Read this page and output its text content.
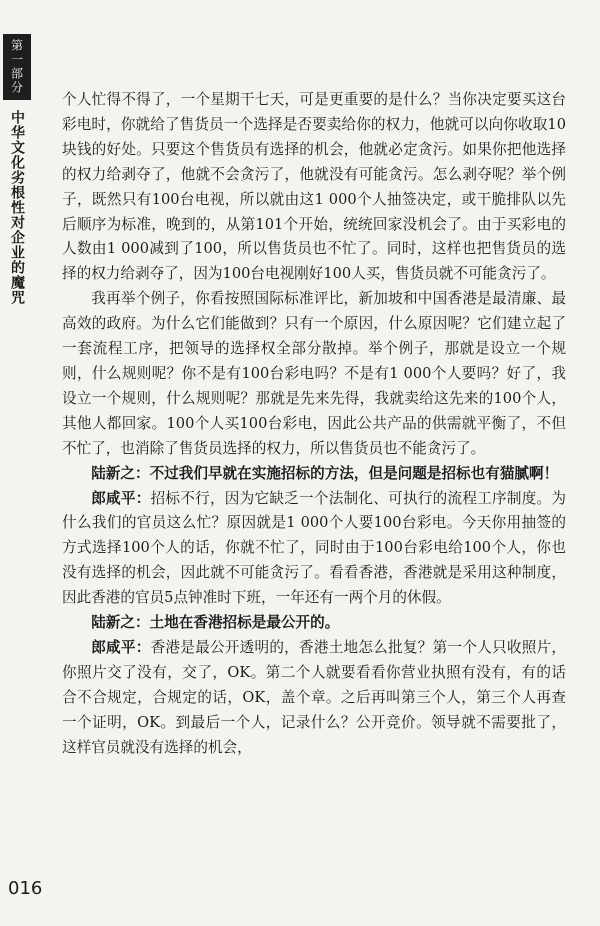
第一部分
中华文化劣根性对企业的魔咒

个人忙得不得了，一个星期干七天，可是更重要的是什么？当你决定要买这台彩电时，你就给了售货员一个选择是否要卖给你的权力，他就可以向你收取10块钱的好处。只要这个售货员有选择的机会，他就必定贪污。如果你把他选择的权力给剥夺了，他就不会贪污了，他就没有可能贪污。怎么剥夺呢？举个例子，既然只有100台电视，所以就由这1 000个人抽签决定，或干脆排队以先后顺序为标准，晚到的，从第101个开始，统统回家没机会了。由于买彩电的人数由1 000减到了100，所以售货员也不忙了。同时，这样也把售货员的选择的权力给剥夺了，因为100台电视刚好100人买，售货员就不可能贪污了。

我再举个例子，你看按照国际标准评比，新加坡和中国香港是最清廉、最高效的政府。为什么它们能做到？只有一个原因，什么原因呢？它们建立起了一套流程工序，把领导的选择权全部分散掉。举个例子，那就是设立一个规则，什么规则呢？你不是有100台彩电吗？不是有1 000个人要吗？好了，我设立一个规则，什么规则呢？那就是先来先得，我就卖给这先来的100个人，其他人都回家。100个人买100台彩电，因此公共产品的供需就平衡了，不但不忙了，也消除了售货员选择的权力，所以售货员也不能贪污了。

陆新之：不过我们早就在实施招标的方法，但是问题是招标也有猫腻啊！

郎咸平：招标不行，因为它缺乏一个法制化、可执行的流程工序制度。为什么我们的官员这么忙？原因就是1 000个人要100台彩电。今天你用抽签的方式选择100个人的话，你就不忙了，同时由于100台彩电给100个人，你也没有选择的机会，因此就不可能贪污了。看看香港，香港就是采用这种制度，因此香港的官员5点钟准时下班，一年还有一两个月的休假。

陆新之：土地在香港招标是最公开的。

郎咸平：香港是最公开透明的，香港土地怎么批复？第一个人只收照片，你照片交了没有，交了，OK。第二个人就要看看你营业执照有没有，有的话合不合规定，合规定的话，OK，盖个章。之后再叫第三个人，第三个人再查一个证明，OK。到最后一个人，记录什么？公开竞价。领导就不需要批了，这样官员就没有选择的机会，

016
